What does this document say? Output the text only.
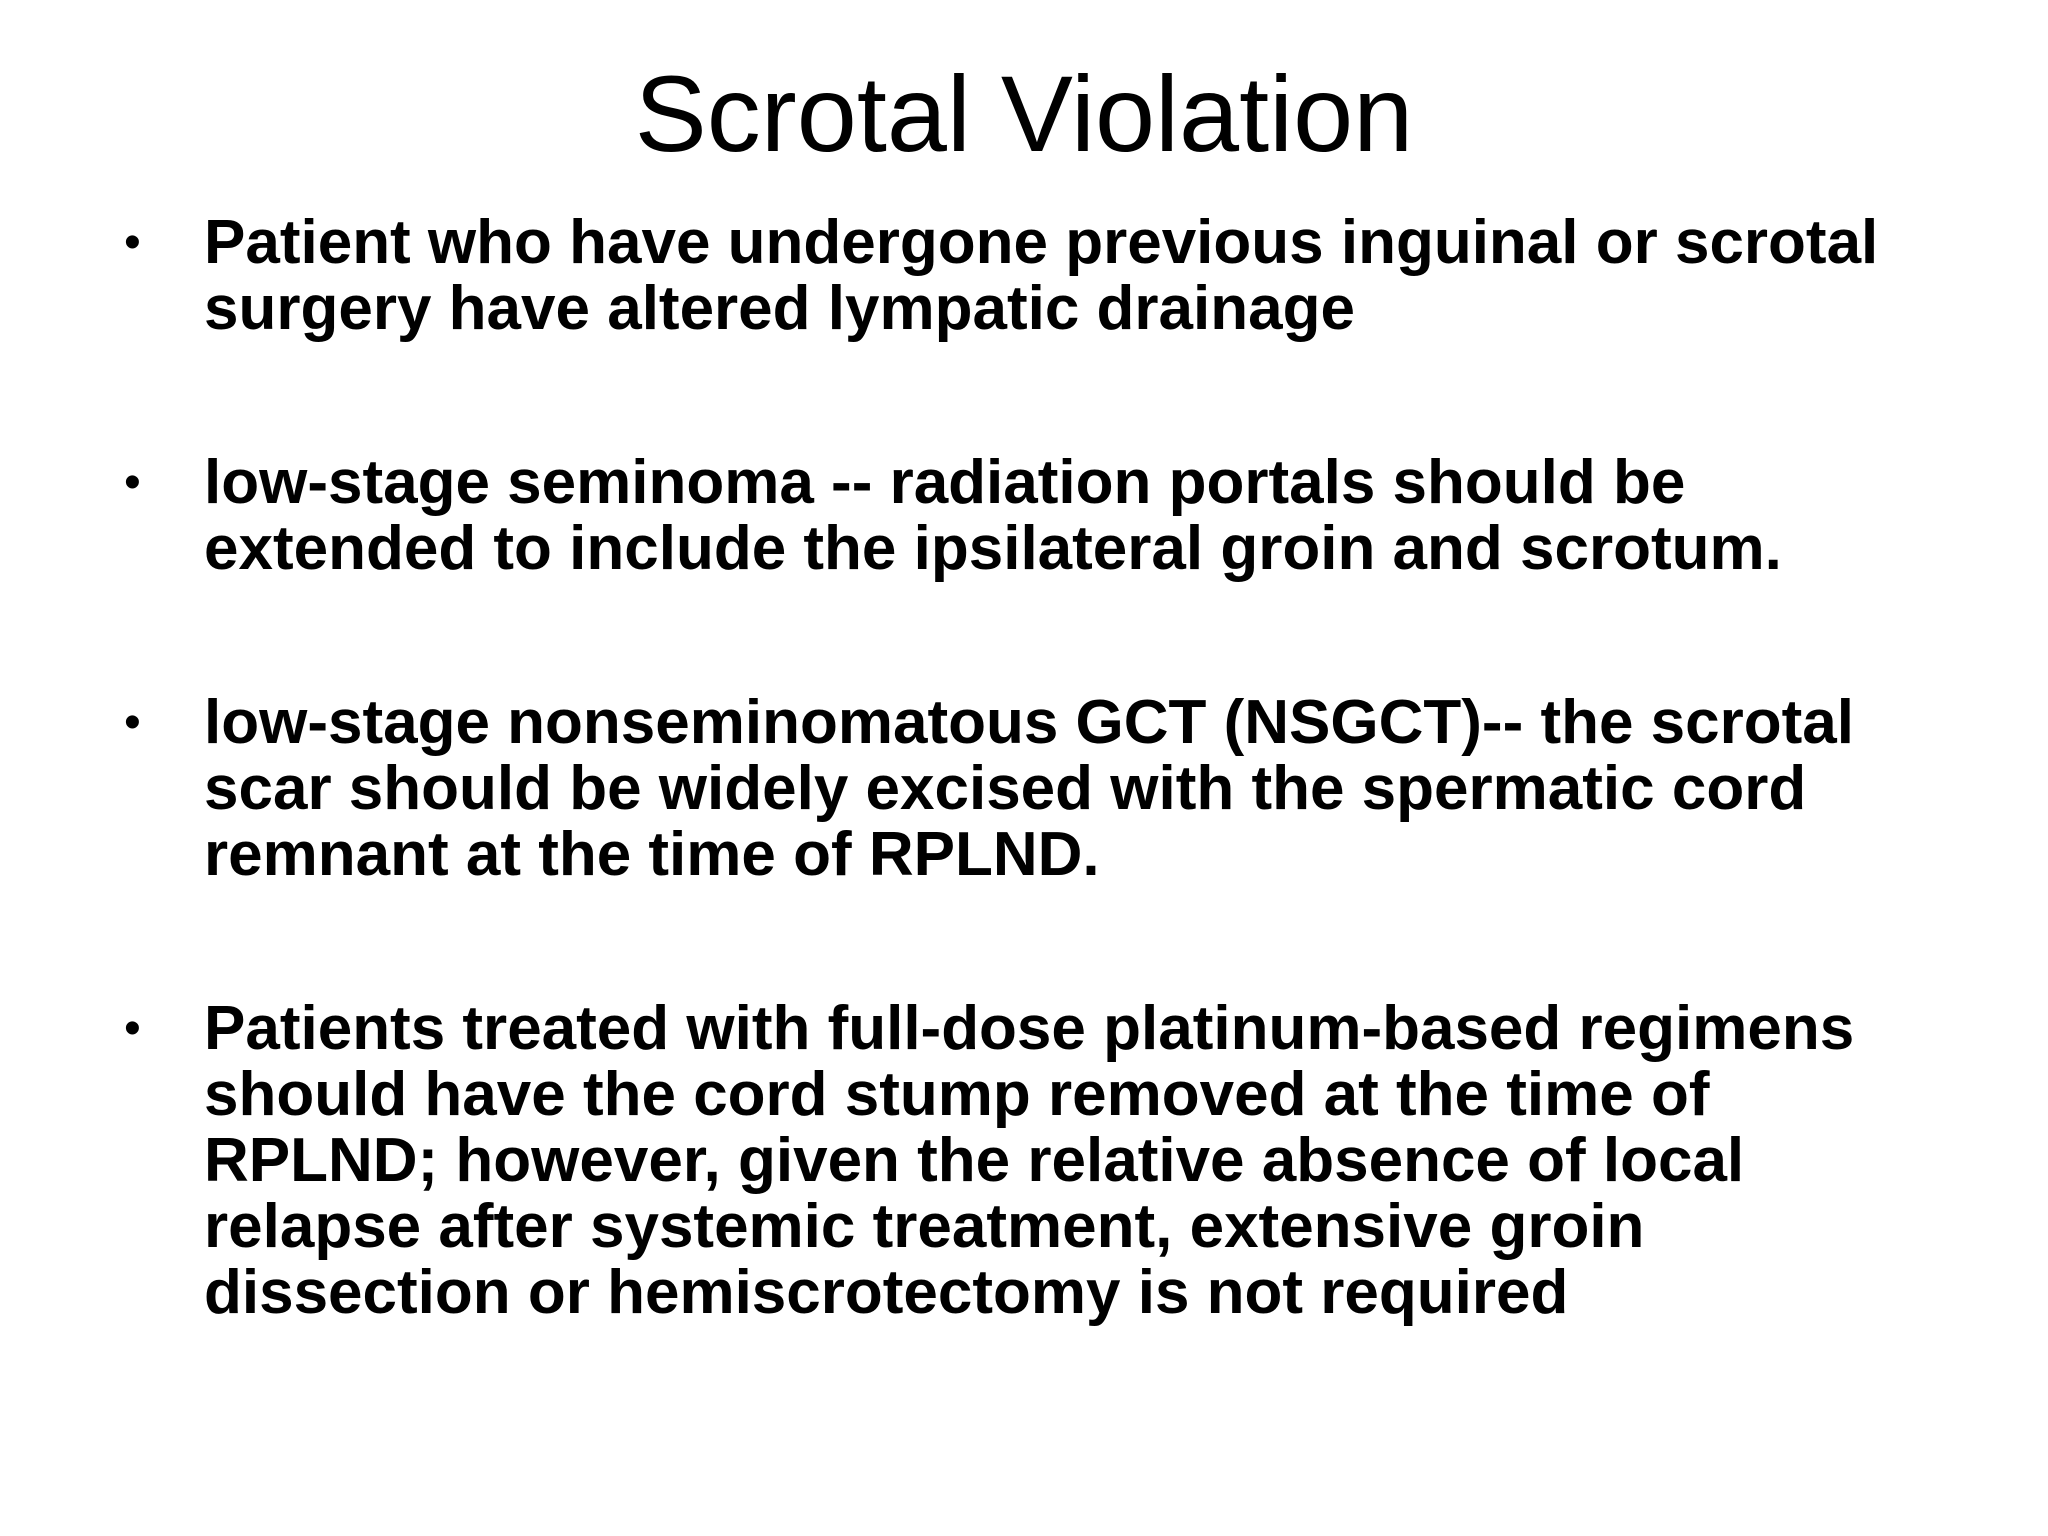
Scrotal Violation
• Patient who have undergone previous inguinal or scrotal surgery have altered lympatic drainage
• low-stage seminoma -- radiation portals should be extended to include the ipsilateral groin and scrotum.
• low-stage nonseminomatous GCT (NSGCT)-- the scrotal scar should be widely excised with the spermatic cord remnant at the time of RPLND.
• Patients treated with full-dose platinum-based regimens should have the cord stump removed at the time of RPLND; however, given the relative absence of local relapse after systemic treatment, extensive groin dissection or hemiscrotectomy is not required
